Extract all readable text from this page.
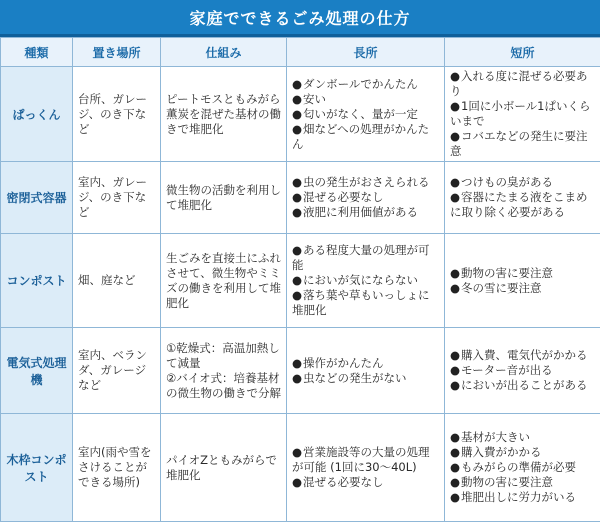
家庭でできるごみ処理の仕方
種類	置き場所	仕組み	長所	短所
ぱっくん	台所、ガレージ、のき下など	ピートモスともみがら薫炭を混ぜた基材の働きで堆肥化	●ダンボールでかんたん
●安い
●匂いがなく、量が一定
●畑などへの処理がかんたん	●入れる度に混ぜる必要あり
●1回に小ボール1ぱいくらいまで
●コバエなどの発生に要注意

密閉式容器	室内、ガレージ、のき下など	微生物の活動を利用して堆肥化	●虫の発生がおさえられる
●混ぜる必要なし
●液肥に利用価値がある	●つけもの臭がある
●容器にたまる液をこまめに取り除く必要がある

コンポスト	畑、庭など	生ごみを直接土にふれさせて、微生物やミミズの働きを利用して堆肥化	●ある程度大量の処理が可能
●においが気にならない
●落ち葉や草もいっしょに堆肥化	●動物の害に要注意
●冬の雪に要注意

電気式処理機	室内、ベランダ、ガレージなど	①乾燥式：高温加熱して減量
②バイオ式：培養基材の微生物の働きで分解	●操作がかんたん
●虫などの発生がない	●購入費、電気代がかかる
●モーター音が出る
●においが出ることがある

木枠コンポスト	室内(雨や雪をさけることができる場所)	パイオZともみがらで堆肥化	●営業施設等の大量の処理が可能 (1回に30〜40L)
●混ぜる必要なし	●基材が大きい
●購入費がかかる
●もみがらの準備が必要
●動物の害に要注意
●堆肥出しに労力がいる
